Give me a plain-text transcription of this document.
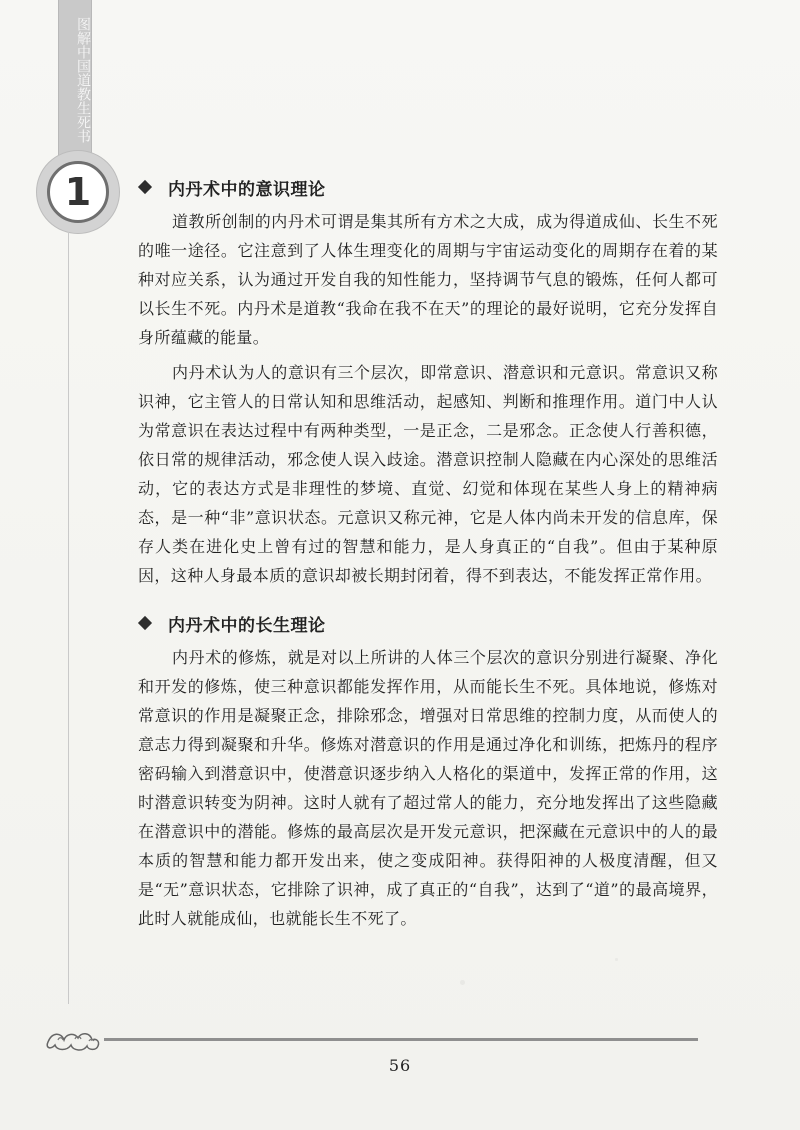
图解中国道教生死书
1	内丹术中的意识理论

道教所创制的内丹术可谓是集其所有方术之大成，成为得道成仙、长生不死的唯一途径。它注意到了人体生理变化的周期与宇宙运动变化的周期存在着的某种对应关系，认为通过开发自我的知性能力，坚持调节气息的锻炼，任何人都可以长生不死。内丹术是道教“我命在我不在天”的理论的最好说明，它充分发挥自身所蕴藏的能量。

内丹术认为人的意识有三个层次，即常意识、潜意识和元意识。常意识又称识神，它主管人的日常认知和思维活动，起感知、判断和推理作用。道门中人认为常意识在表达过程中有两种类型，一是正念，二是邪念。正念使人行善积德，依日常的规律活动，邪念使人误入歧途。潜意识控制人隐藏在内心深处的思维活动，它的表达方式是非理性的梦境、直觉、幻觉和体现在某些人身上的精神病态，是一种“非”意识状态。元意识又称元神，它是人体内尚未开发的信息库，保存人类在进化史上曾有过的智慧和能力，是人身真正的“自我”。但由于某种原因，这种人身最本质的意识却被长期封闭着，得不到表达，不能发挥正常作用。

内丹术中的长生理论

内丹术的修炼，就是对以上所讲的人体三个层次的意识分别进行凝聚、净化和开发的修炼，使三种意识都能发挥作用，从而能长生不死。具体地说，修炼对常意识的作用是凝聚正念，排除邪念，增强对日常思维的控制力度，从而使人的意志力得到凝聚和升华。修炼对潜意识的作用是通过净化和训练，把炼丹的程序密码输入到潜意识中，使潜意识逐步纳入人格化的渠道中，发挥正常的作用，这时潜意识转变为阴神。这时人就有了超过常人的能力，充分地发挥出了这些隐藏在潜意识中的潜能。修炼的最高层次是开发元意识，把深藏在元意识中的人的最本质的智慧和能力都开发出来，使之变成阳神。获得阳神的人极度清醒，但又是“无”意识状态，它排除了识神，成了真正的“自我”，达到了“道”的最高境界，此时人就能成仙，也就能长生不死了。

56
